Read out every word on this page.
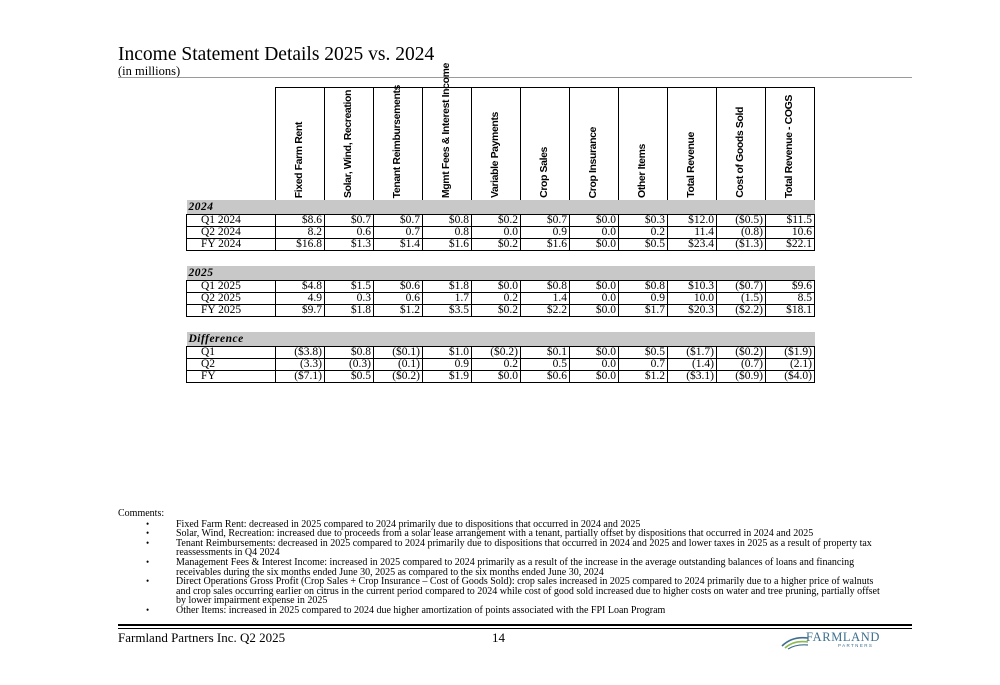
Income Statement Details 2025 vs. 2024
(in millions)

	Fixed Farm Rent	Solar, Wind, Recreation	Tenant Reimbursements	Mgmt Fees & Interest Income	Variable Payments	Crop Sales	Crop Insurance	Other Items	Total Revenue	Cost of Goods Sold	Total Revenue - COGS

2024											
Q1 2024	$8.6	$0.7	$0.7	$0.8	$0.2	$0.7	$0.0	$0.3	$12.0	($0.5)	$11.5
Q2 2024	8.2	0.6	0.7	0.8	0.0	0.9	0.0	0.2	11.4	(0.8)	10.6
FY 2024	$16.8	$1.3	$1.4	$1.6	$0.2	$1.6	$0.0	$0.5	$23.4	($1.3)	$22.1

2025											
Q1 2025	$4.8	$1.5	$0.6	$1.8	$0.0	$0.8	$0.0	$0.8	$10.3	($0.7)	$9.6
Q2 2025	4.9	0.3	0.6	1.7	0.2	1.4	0.0	0.9	10.0	(1.5)	8.5
FY 2025	$9.7	$1.8	$1.2	$3.5	$0.2	$2.2	$0.0	$1.7	$20.3	($2.2)	$18.1

Difference											
Q1	($3.8)	$0.8	($0.1)	$1.0	($0.2)	$0.1	$0.0	$0.5	($1.7)	($0.2)	($1.9)
Q2	(3.3)	(0.3)	(0.1)	0.9	0.2	0.5	0.0	0.7	(1.4)	(0.7)	(2.1)
FY	($7.1)	$0.5	($0.2)	$1.9	$0.0	$0.6	$0.0	$1.2	($3.1)	($0.9)	($4.0)
Comments:
•	Fixed Farm Rent: decreased in 2025 compared to 2024 primarily due to dispositions that occurred in 2024 and 2025
•	Solar, Wind, Recreation: increased due to proceeds from a solar lease arrangement with a tenant, partially offset by dispositions that occurred in 2024 and 2025
•	Tenant Reimbursements: decreased in 2025 compared to 2024 primarily due to dispositions that occurred in 2024 and 2025 and lower taxes in 2025 as a result of property tax reassessments in Q4 2024
•	Management Fees & Interest Income: increased in 2025 compared to 2024 primarily as a result of the increase in the average outstanding balances of loans and financing receivables during the six months ended June 30, 2025 as compared to the six months ended June 30, 2024
•	Direct Operations Gross Profit (Crop Sales + Crop Insurance – Cost of Goods Sold): crop sales increased in 2025 compared to 2024 primarily due to a higher price of walnuts and crop sales occurring earlier on citrus in the current period compared to 2024 while cost of good sold increased due to higher costs on water and tree pruning, partially offset by lower impairment expense in 2025
•	Other Items: increased in 2025 compared to 2024 due higher amortization of points associated with the FPI Loan Program
Farmland Partners Inc. Q2 2025	14	FARMLAND
PARTNERS
